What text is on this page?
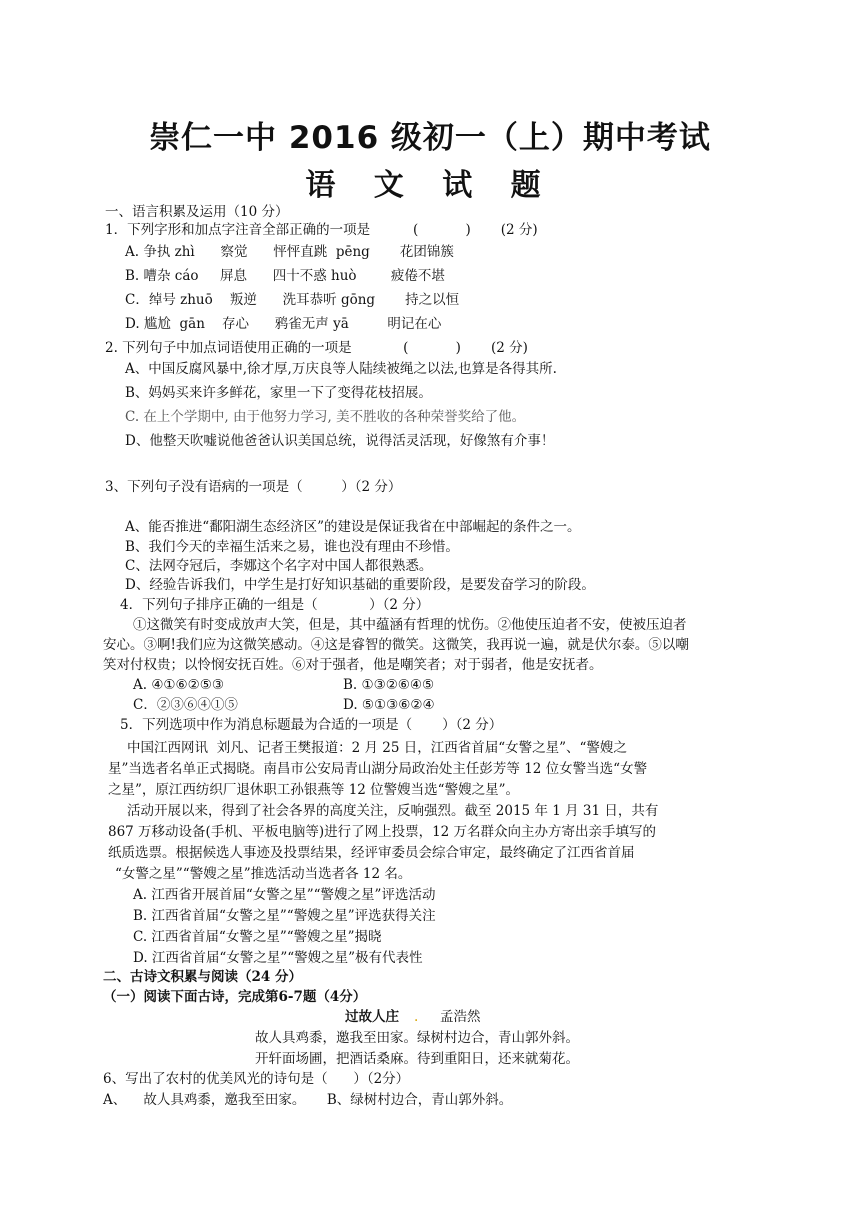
崇仁一中 2016 级初一（上）期中考试
语 文 试 题
一、语言积累及运用（10 分）
1．下列字形和加点字注音全部正确的一项是          (           )       (2 分)
A. 争执 zhì      察觉      怦怦直跳  pēng       花团锦簇
B. 嘈杂 cáo     屏息      四十不惑 huò        疲倦不堪
C．绰号 zhuō    叛逆      洗耳恭听 gōng       持之以恒
D. 尴尬  gān    存心      鸦雀无声 yā         明记在心
2. 下列句子中加点词语使用正确的一项是            (           )       (2 分)
A、中国反腐风暴中,徐才厚,万庆良等人陆续被绳之以法,也算是各得其所.
B、妈妈买来许多鲜花，家里一下了变得花枝招展。
C. 在上个学期中, 由于他努力学习, 美不胜收的各种荣誉奖给了他。
D、他整天吹嘘说他爸爸认识美国总统，说得活灵活现，好像煞有介事！
3、下列句子没有语病的一项是（         ）（2 分）
A、能否推进“鄱阳湖生态经济区”的建设是保证我省在中部崛起的条件之一。
B、我们今天的幸福生活来之易，谁也没有理由不珍惜。
C、法网夺冠后，李娜这个名字对中国人都很熟悉。
D、经验告诉我们，中学生是打好知识基础的重要阶段，是要发奋学习的阶段。
4．下列句子排序正确的一组是（            ）（2 分）
①这微笑有时变成放声大笑，但是，其中蕴涵有哲理的忧伤。②他使压迫者不安，使被压迫者
安心。③啊!我们应为这微笑感动。④这是睿智的微笑。这微笑，我再说一遍，就是伏尔泰。⑤以嘲
笑对付权贵；以怜悯安抚百姓。⑥对于强者，他是嘲笑者；对于弱者，他是安抚者。
A. ④①⑥②⑤③	B. ①③②⑥④⑤
C．②③⑥④①⑤	D. ⑤①③⑥②④
5．下列选项中作为消息标题最为合适的一项是（       ）（2 分）
中国江西网讯  刘凡、记者王樊报道：2 月 25 日，江西省首届“女警之星”、“警嫂之
星”当选者名单正式揭晓。南昌市公安局青山湖分局政治处主任彭芳等 12 位女警当选“女警
之星”，原江西纺织厂退休职工孙银燕等 12 位警嫂当选“警嫂之星”。
活动开展以来，得到了社会各界的高度关注，反响强烈。截至 2015 年 1 月 31 日，共有
867 万移动设备(手机、平板电脑等)进行了网上投票，12 万名群众向主办方寄出亲手填写的
纸质选票。根据候选人事迹及投票结果，经评审委员会综合审定，最终确定了江西省首届
“女警之星”“警嫂之星”推选活动当选者各 12 名。
A. 江西省开展首届“女警之星”“警嫂之星”评选活动
B. 江西省首届“女警之星”“警嫂之星”评选获得关注
C. 江西省首届“女警之星”“警嫂之星”揭晓
D. 江西省首届“女警之星”“警嫂之星”极有代表性
二、古诗文积累与阅读（24 分）
（一）阅读下面古诗，完成第6-7题（4分）
过故人庄 . 孟浩然
故人具鸡黍，邀我至田家。绿树村边合，青山郭外斜。
开轩面场圃，把酒话桑麻。待到重阳日，还来就菊花。
6、写出了农村的优美风光的诗句是（      ）（2分）
A、    故人具鸡黍，邀我至田家。     B、绿树村边合，青山郭外斜。
